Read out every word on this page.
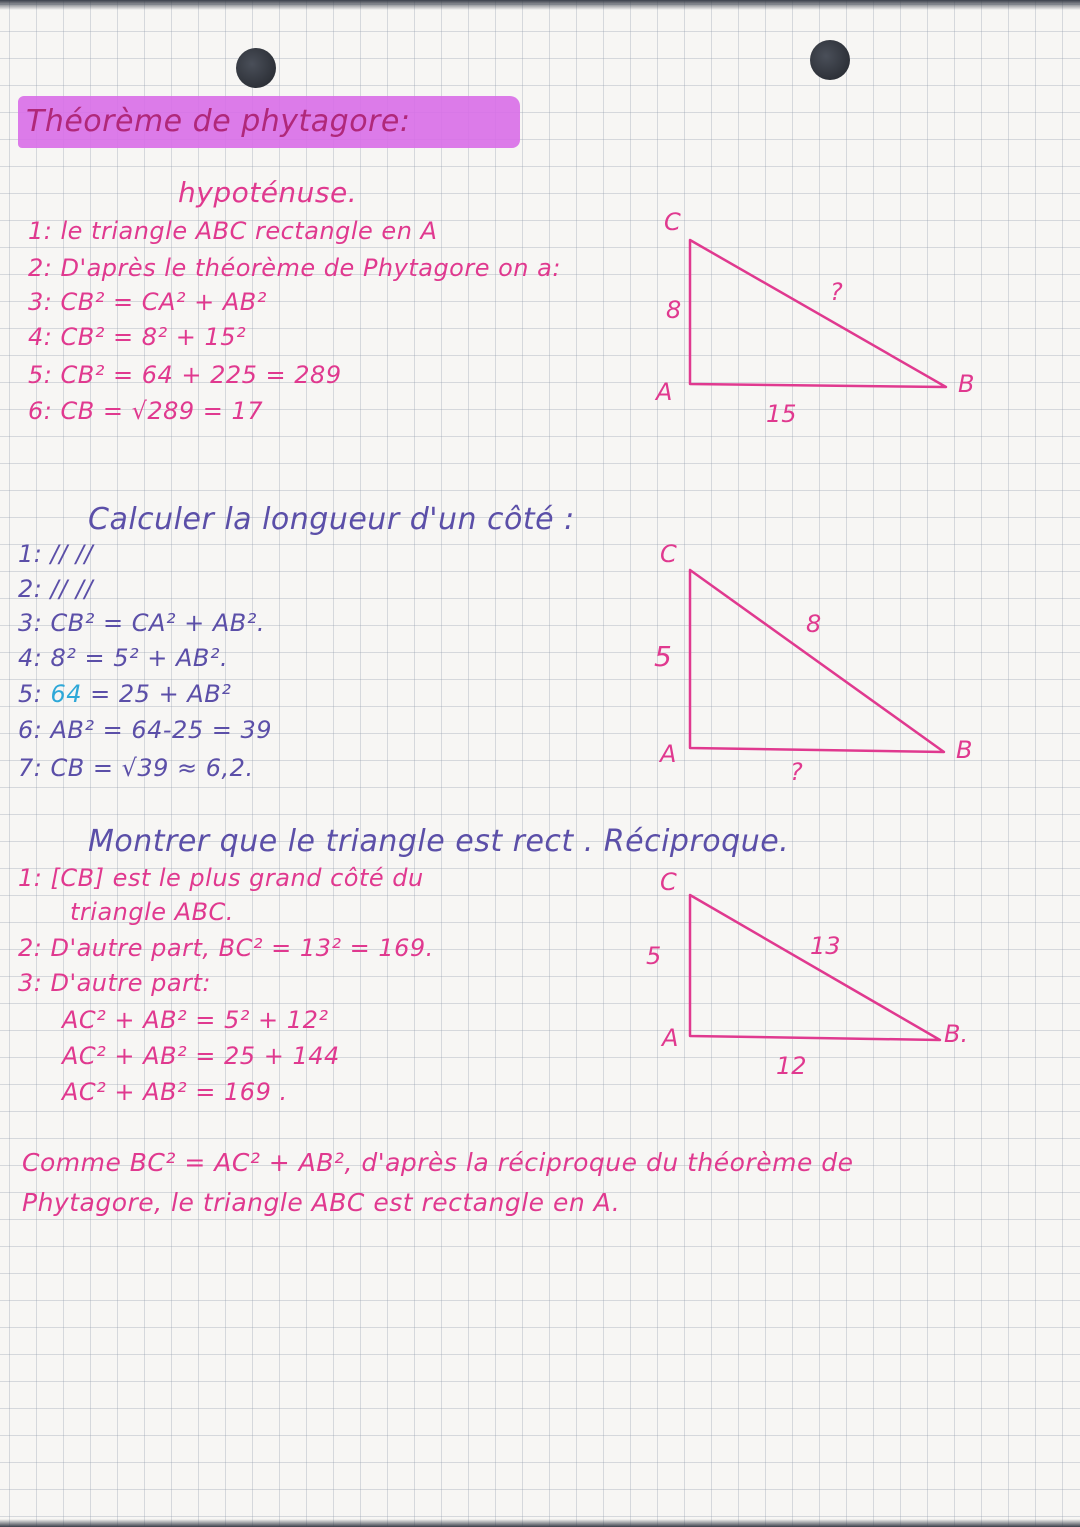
Théorème de phytagore:
hypoténuse.
1: le triangle ABC rectangle en A
2: D'après le théorème de Phytagore on a:
3: CB² = CA² + AB²
4: CB² = 8² + 15²
5: CB² = 64 + 225 = 289
6: CB = √289 = 17
C
A	B
8
15
?
Calculer la longueur d'un côté :
1: // //
2: // //
3: CB² = CA² + AB².
4: 8² = 5² + AB².
5: 64 = 25 + AB²
6: AB² = 64-25 = 39
7: CB = √39 ≈ 6,2.
C
A	B
5
?
8
Montrer que le triangle est rect . Réciproque.
1: [CB] est le plus grand côté du
triangle ABC.
2: D'autre part, BC² = 13² = 169.
3: D'autre part:
AC² + AB² = 5² + 12²
AC² + AB² = 25 + 144
AC² + AB² = 169 .
C
A	B.
5
12
13
Comme BC² = AC² + AB², d'après la réciproque du théorème de
Phytagore, le triangle ABC est rectangle en A.
